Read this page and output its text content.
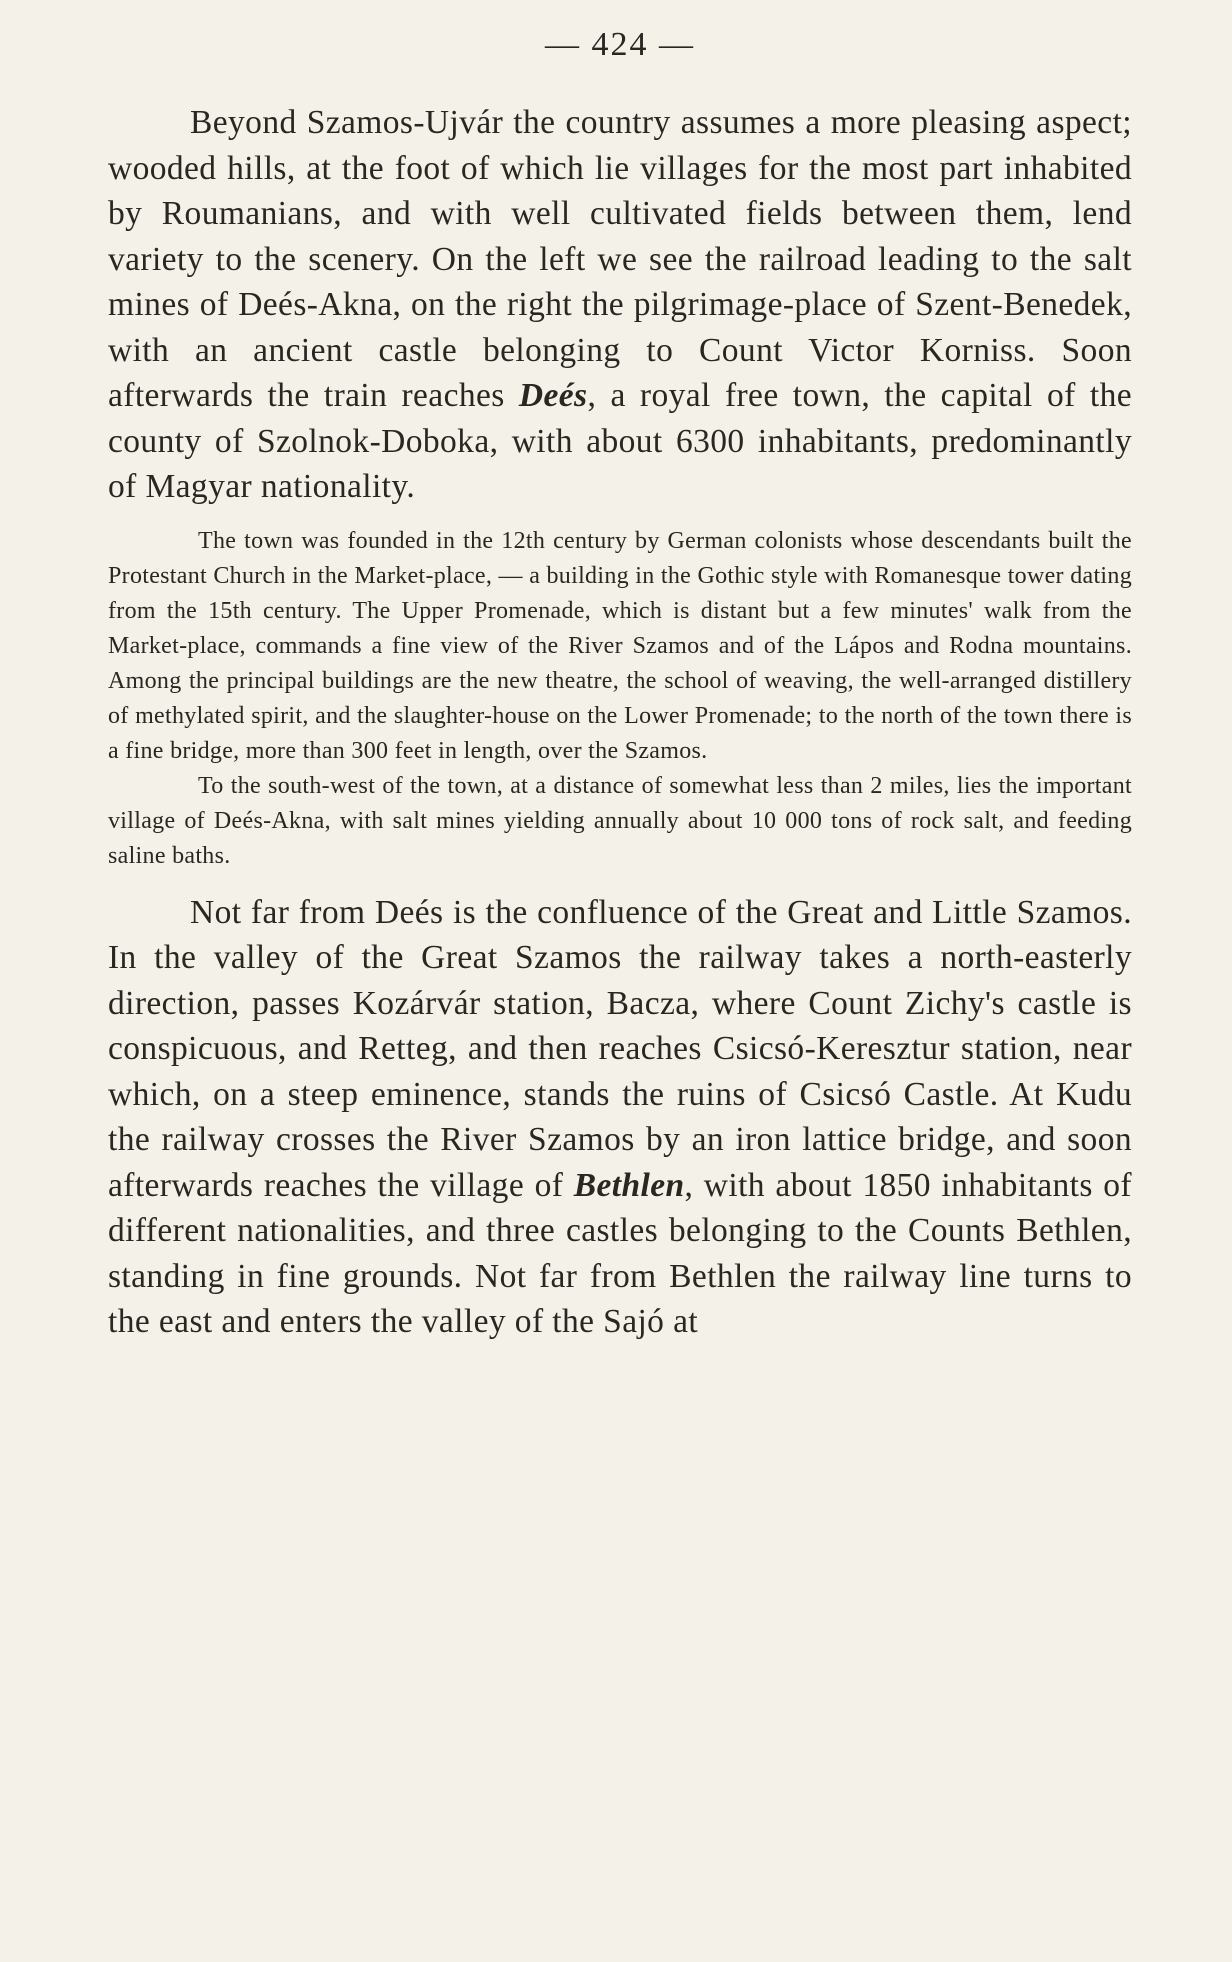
— 424 —

Beyond Szamos-Ujvár the country assumes a more pleasing aspect; wooded hills, at the foot of which lie villages for the most part inhabited by Roumanians, and with well cultivated fields between them, lend variety to the scenery. On the left we see the railroad leading to the salt mines of Deés-Akna, on the right the pilgrimage-place of Szent-Benedek, with an ancient castle belonging to Count Victor Korniss. Soon afterwards the train reaches Deés, a royal free town, the capital of the county of Szolnok-Doboka, with about 6300 inhabitants, predominantly of Magyar nationality.

The town was founded in the 12th century by German colonists whose descendants built the Protestant Church in the Market-place, — a building in the Gothic style with Romanesque tower dating from the 15th century. The Upper Promenade, which is distant but a few minutes' walk from the Market-place, commands a fine view of the River Szamos and of the Lápos and Rodna mountains. Among the principal buildings are the new theatre, the school of weaving, the well-arranged distillery of methylated spirit, and the slaughter-house on the Lower Promenade; to the north of the town there is a fine bridge, more than 300 feet in length, over the Szamos.

To the south-west of the town, at a distance of somewhat less than 2 miles, lies the important village of Deés-Akna, with salt mines yielding annually about 10 000 tons of rock salt, and feeding saline baths.

Not far from Deés is the confluence of the Great and Little Szamos. In the valley of the Great Szamos the railway takes a north-easterly direction, passes Kozárvár station, Bacza, where Count Zichy's castle is conspicuous, and Retteg, and then reaches Csicsó-Keresztur station, near which, on a steep eminence, stands the ruins of Csicsó Castle. At Kudu the railway crosses the River Szamos by an iron lattice bridge, and soon afterwards reaches the village of Bethlen, with about 1850 inhabitants of different nationalities, and three castles belonging to the Counts Bethlen, standing in fine grounds. Not far from Bethlen the railway line turns to the east and enters the valley of the Sajó at
